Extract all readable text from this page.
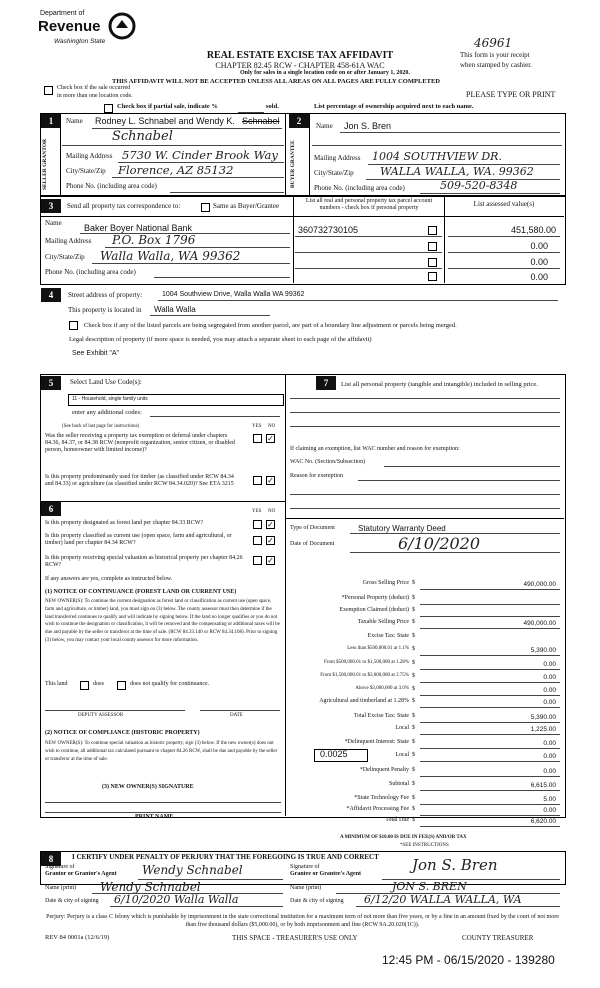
Department of
Revenue
Washington State
REAL ESTATE EXCISE TAX AFFIDAVIT
CHAPTER 82.45 RCW - CHAPTER 458-61A WAC
Only for sales in a single location code on or after January 1, 2020.
THIS AFFIDAVIT WILL NOT BE ACCEPTED UNLESS ALL AREAS ON ALL PAGES ARE FULLY COMPLETED
46961
This form is your receipt
when stamped by cashier.
Check box if the sale occurred
in more than one location code.	PLEASE TYPE OR PRINT
Check box if partial sale, indicate %	sold.	List percentage of ownership acquired next to each name.
1
SELLER GRANTOR
Name Rodney L. Schnabel and Wendy K. Schnabel
Schnabel
Mailing Address 5730 W. Cinder Brook Way
City/State/Zip Florence, AZ 85132
Phone No. (including area code)
2
BUYER GRANTEE
Name Jon S. Bren
Mailing Address 1004 SOUTHVIEW DR.
City/State/Zip WALLA WALLA, WA. 99362
Phone No. (including area code)	509-520-8348
3	Send all property tax correspondence to:	Same as Buyer/Grantee
List all real and personal property tax parcel account numbers - check box if personal property	List assessed value(s)
Name Baker Boyer National Bank
Mailing Address P.O. Box 1796
City/State/Zip Walla Walla, WA 99362
Phone No. (including area code)
360732730105	451,580.00
0.00
0.00
0.00
4	Street address of property:	1004 Southview Drive, Walla Walla WA 99362
This property is located in Walla Walla
Check box if any of the listed parcels are being segregated from another parcel, are part of a boundary line adjustment or parcels being merged.
Legal description of property (if more space is needed, you may attach a separate sheet to each page of the affidavit)
See Exhibit "A"
5	Select Land Use Code(s):
11 - Household, single family units
enter any additional codes:
(See back of last page for instructions)	YES NO
Was the seller receiving a property tax exemption or deferral under chapters 84.36, 84.37, or 84.38 RCW (nonprofit organization, senior citizen, or disabled person, homeowner with limited income)?
✓
Is this property predominantly used for timber (as classified under RCW 84.34 and 84.33) or agriculture (as classified under RCW 84.34.020)? See ETA 3215	✓
7	List all personal property (tangible and intangible) included in selling price.
If claiming an exemption, list WAC number and reason for exemption:
WAC No. (Section/Subsection)
Reason for exemption
6	YES NO
Is this property designated as forest land per chapter 84.33 RCW?	✓
Is this property classified as current use (open space, farm and agricultural, or timber) land per chapter 84.34 RCW?	✓
Is this property receiving special valuation as historical property per chapter 84.26 RCW?	✓
If any answers are yes, complete as instructed below.
(1) NOTICE OF CONTINUANCE (FOREST LAND OR CURRENT USE)
NEW OWNER(S): To continue the current designation as forest land or classification as current use (open space, farm and agriculture, or timber) land, you must sign on (3) below. The county assessor must then determine if the land transferred continues to qualify and will indicate by signing below. If the land no longer qualifies or you do not wish to continue the designation or classification, it will be removed and the compensating or additional taxes will be due and payable by the seller or transferor at the time of sale. (RCW 84.33.140 or RCW 84.34.108). Prior to signing (3) below, you may contact your local county assessor for more information.
This land	does	does not qualify for continuance.
DEPUTY ASSESSOR	DATE
(2) NOTICE OF COMPLIANCE (HISTORIC PROPERTY)
NEW OWNER(S): To continue special valuation as historic property, sign (3) below. If the new owner(s) does not wish to continue, all additional tax calculated pursuant to chapter 84.26 RCW, shall be due and payable by the seller or transferor at the time of sale.
(3) NEW OWNER(S) SIGNATURE
PRINT NAME
Type of Document	Statutory Warranty Deed
Date of Document	6/10/2020
Gross Selling Price $	490,000.00
*Personal Property (deduct) $
Exemption Claimed (deduct) $
Taxable Selling Price $	490,000.00
Excise Tax: State $
Less than $500,000.01 at 1.1% $	5,390.00
From $500,000.01 to $1,500,000 at 1.28% $	0.00
From $1,500,000.01 to $3,000,000 at 2.75% $	0.00
Above $3,000,000 at 3.0% $	0.00
Agricultural and timberland at 1.28% $	0.00
Total Excise Tax: State $	5,390.00
Local $	1,225.00
*Delinquent Interest: State $	0.00
Local $	0.00
*Delinquent Penalty $	0.00
Subtotal $	6,615.00
*State Technology Fee $	5.00
*Affidavit Processing Fee $	0.00
Total Due $	6,620.00
0.0025
A MINIMUM OF $10.00 IS DUE IN FEE(S) AND/OR TAX
*SEE INSTRUCTIONS
8	I CERTIFY UNDER PENALTY OF PERJURY THAT THE FOREGOING IS TRUE AND CORRECT
Signature of
Grantor or Grantor's Agent Wendy Schnabel	Signature of
Grantee or Grantee's Agent	Jon S. Bren
Name (print) Wendy Schnabel
Date & city of signing 6/10/2020 Walla Walla
Name (print)	JON S. BREN
Date & city of signing 6/12/20 WALLA WALLA, WA
Perjury: Perjury is a class C felony which is punishable by imprisonment in the state correctional institution for a maximum term of not more than five years, or by a fine in an amount fixed by the court of not more than five thousand dollars ($5,000.00), or by both imprisonment and fine (RCW 9A.20.020(1C)).
REV 84 0001a (12/6/19)	THIS SPACE - TREASURER'S USE ONLY	COUNTY TREASURER
12:45 PM - 06/15/2020 - 139280
